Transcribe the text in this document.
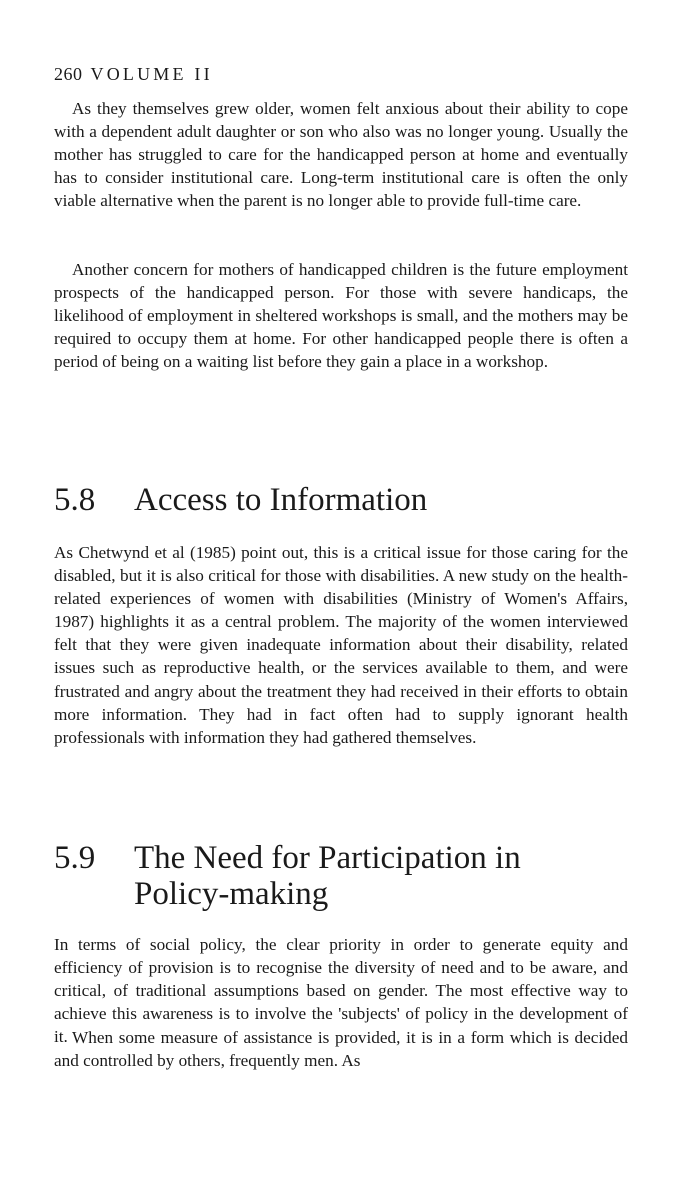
260 VOLUME II

As they themselves grew older, women felt anxious about their ability to cope with a dependent adult daughter or son who also was no longer young. Usually the mother has struggled to care for the handicapped person at home and eventually has to consider institutional care. Long-term institutional care is often the only viable alternative when the parent is no longer able to provide full-time care.

Another concern for mothers of handicapped children is the future employment prospects of the handicapped person. For those with severe handicaps, the likelihood of employment in sheltered workshops is small, and the mothers may be required to occupy them at home. For other handicapped people there is often a period of being on a waiting list before they gain a place in a workshop.

5.8 Access to Information

As Chetwynd et al (1985) point out, this is a critical issue for those caring for the disabled, but it is also critical for those with disabilities. A new study on the health-related experiences of women with disabilities (Ministry of Women's Affairs, 1987) highlights it as a central problem. The majority of the women interviewed felt that they were given inadequate information about their disability, related issues such as reproductive health, or the services available to them, and were frustrated and angry about the treatment they had received in their efforts to obtain more information. They had in fact often had to supply ignorant health professionals with information they had gathered themselves.

5.9 The Need for Participation in
Policy-making

In terms of social policy, the clear priority in order to generate equity and efficiency of provision is to recognise the diversity of need and to be aware, and critical, of traditional assumptions based on gender. The most effective way to achieve this awareness is to involve the 'subjects' of policy in the development of it. When some measure of assistance is provided, it is in a form which is decided and controlled by others, frequently men. As
